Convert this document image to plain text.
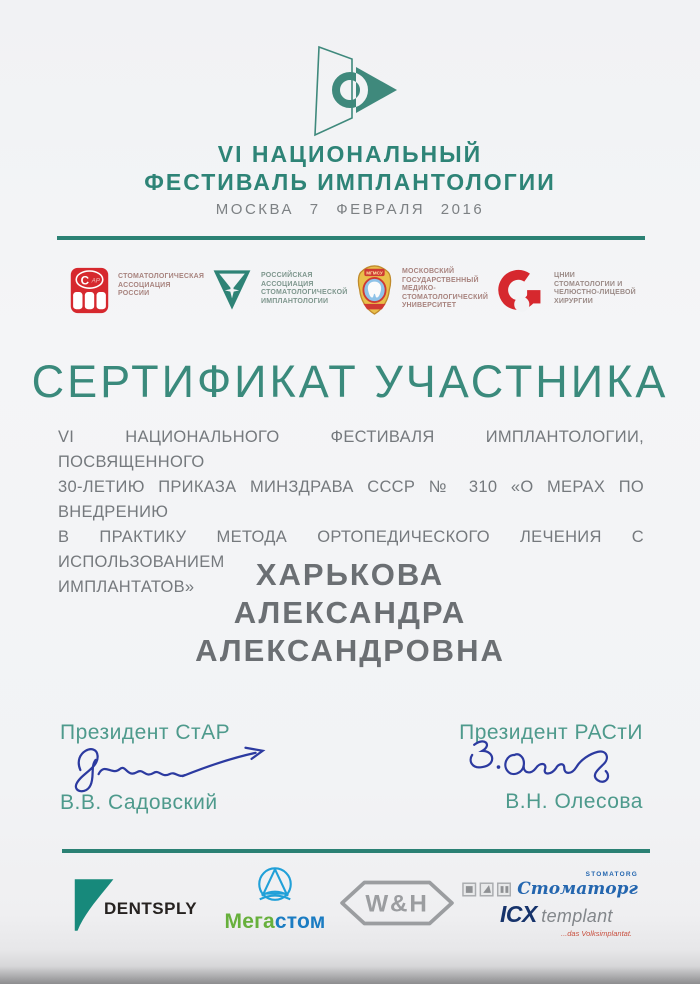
VI НАЦИОНАЛЬНЫЙ
ФЕСТИВАЛЬ ИМПЛАНТОЛОГИИ
МОСКВА 7 ФЕВРАЛЯ 2016
С АР
СТОМАТОЛОГИЧЕСКАЯ
АССОЦИАЦИЯ
РОССИИ
РОССИЙСКАЯ
АССОЦИАЦИЯ
СТОМАТОЛОГИЧЕСКОЙ
ИМПЛАНТОЛОГИИ
МГМСУ	МОСКОВСКИЙ
ГОСУДАРСТВЕННЫЙ
МЕДИКО-
СТОМАТОЛОГИЧЕСКИЙ
УНИВЕРСИТЕТ
ЦНИИ
СТОМАТОЛОГИИ И
ЧЕЛЮСТНО-ЛИЦЕВОЙ
ХИРУРГИИ
СЕРТИФИКАТ УЧАСТНИКА
VI НАЦИОНАЛЬНОГО ФЕСТИВАЛЯ ИМПЛАНТОЛОГИИ, ПОСВЯЩЕННОГО
30-ЛЕТИЮ ПРИКАЗА МИНЗДРАВА СССР № 310 «О МЕРАХ ПО ВНЕДРЕНИЮ
В ПРАКТИКУ МЕТОДА ОРТОПЕДИЧЕСКОГО ЛЕЧЕНИЯ С ИСПОЛЬЗОВАНИЕМ
ИМПЛАНТАТОВ»	ХАРЬКОВА
АЛЕКСАНДРА
АЛЕКСАНДРОВНА
Президент СтАР
В.В. Садовский
Президент РАСтИ
В.Н. Олесова
DENTSPLY
Мегастом
W&H
STOMATORG
Стоматорг
ICX templant
...das Volksimplantat.
